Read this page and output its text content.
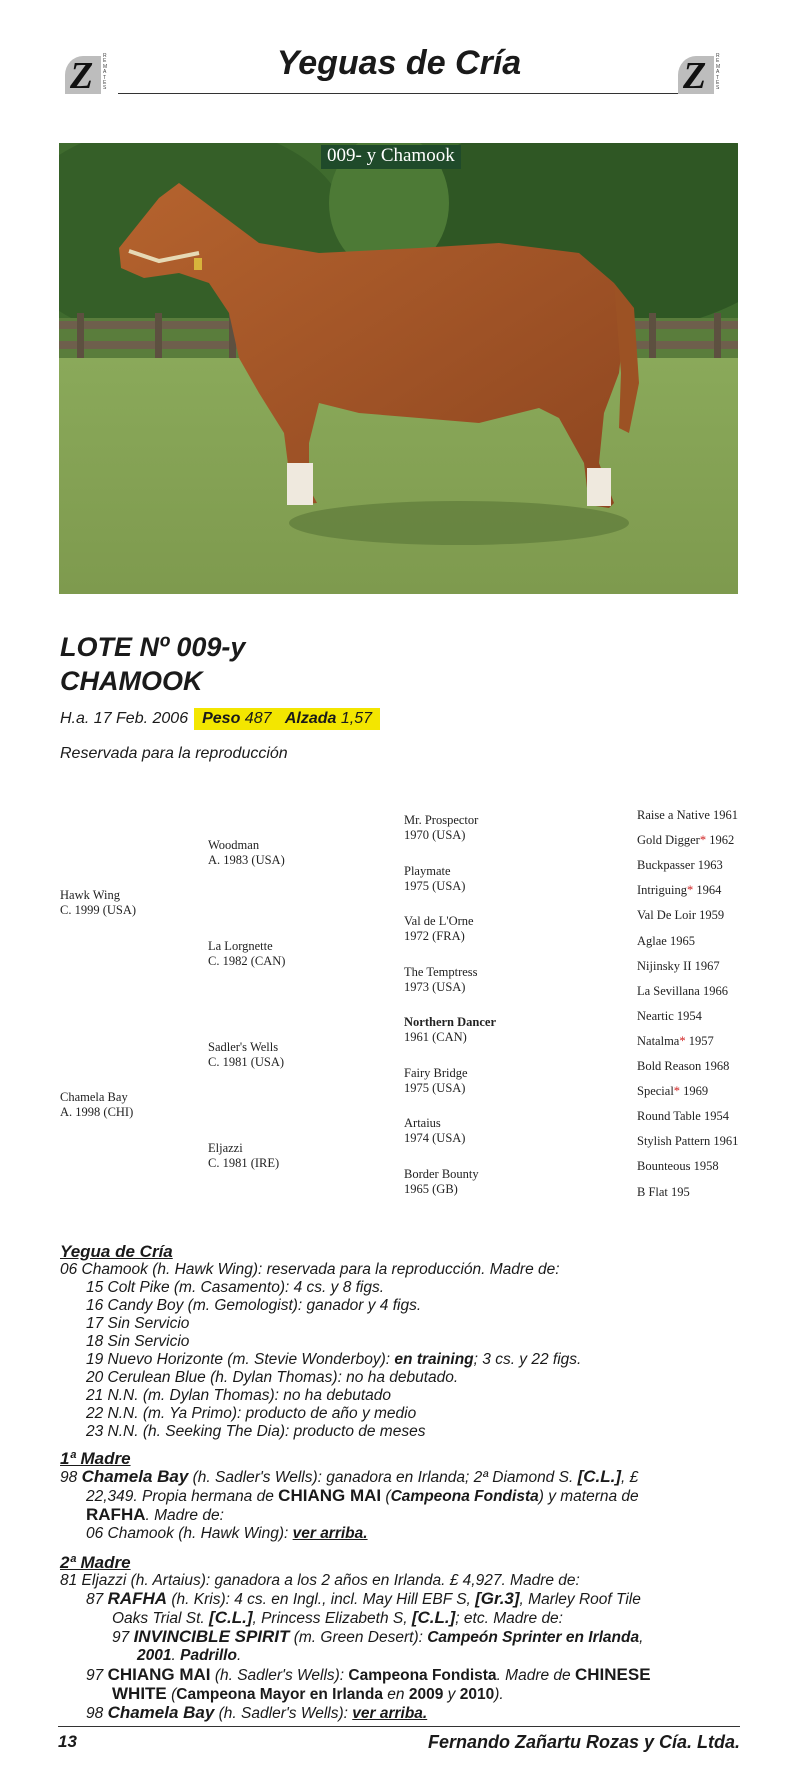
Z REMATES
Yeguas de Cría	Z REMATES
009- y Chamook
LOTE Nº 009-y
CHAMOOK
H.a. 17 Feb. 2006 Peso 487 Alzada 1,57
Reservada para la reproducción
Hawk Wing
C. 1999 (USA)
Chamela Bay
A. 1998 (CHI)
Woodman
A. 1983 (USA)
La Lorgnette
C. 1982 (CAN)
Sadler's Wells
C. 1981 (USA)
Eljazzi
C. 1981 (IRE)
Mr. Prospector
1970 (USA)
Playmate
1975 (USA)
Val de L'Orne
1972 (FRA)
The Temptress
1973 (USA)
Northern Dancer
1961 (CAN)
Fairy Bridge
1975 (USA)
Artaius
1974 (USA)
Border Bounty
1965 (GB)
Raise a Native 1961
Gold Digger* 1962
Buckpasser 1963
Intriguing* 1964
Val De Loir 1959
Aglae 1965
Nijinsky II 1967
La Sevillana 1966
Neartic 1954
Natalma* 1957
Bold Reason 1968
Special* 1969
Round Table 1954
Stylish Pattern 1961
Bounteous 1958
B Flat 195
Yegua de Cría
06 Chamook (h. Hawk Wing): reservada para la reproducción. Madre de:
15 Colt Pike (m. Casamento): 4 cs. y 8 figs.
16 Candy Boy (m. Gemologist): ganador y 4 figs.
17 Sin Servicio
18 Sin Servicio
19 Nuevo Horizonte (m. Stevie Wonderboy): en training; 3 cs. y 22 figs.
20 Cerulean Blue (h. Dylan Thomas): no ha debutado.
21 N.N. (m. Dylan Thomas): no ha debutado
22 N.N. (m. Ya Primo): producto de año y medio
23 N.N. (h. Seeking The Dia): producto de meses
1ª Madre
98 Chamela Bay (h. Sadler's Wells): ganadora en Irlanda; 2ª Diamond S. [C.L.], £
22,349. Propia hermana de CHIANG MAI (Campeona Fondista) y materna de
RAFHA. Madre de:
06 Chamook (h. Hawk Wing): ver arriba.
2ª Madre
81 Eljazzi (h. Artaius): ganadora a los 2 años en Irlanda. £ 4,927. Madre de:
87 RAFHA (h. Kris): 4 cs. en Ingl., incl. May Hill EBF S, [Gr.3], Marley Roof Tile
Oaks Trial St. [C.L.], Princess Elizabeth S, [C.L.]; etc. Madre de:
97 INVINCIBLE SPIRIT (m. Green Desert): Campeón Sprinter en Irlanda,
2001. Padrillo.
97 CHIANG MAI (h. Sadler's Wells): Campeona Fondista. Madre de CHINESE
WHITE (Campeona Mayor en Irlanda en 2009 y 2010).
98 Chamela Bay (h. Sadler's Wells): ver arriba.
13	Fernando Zañartu Rozas y Cía. Ltda.
